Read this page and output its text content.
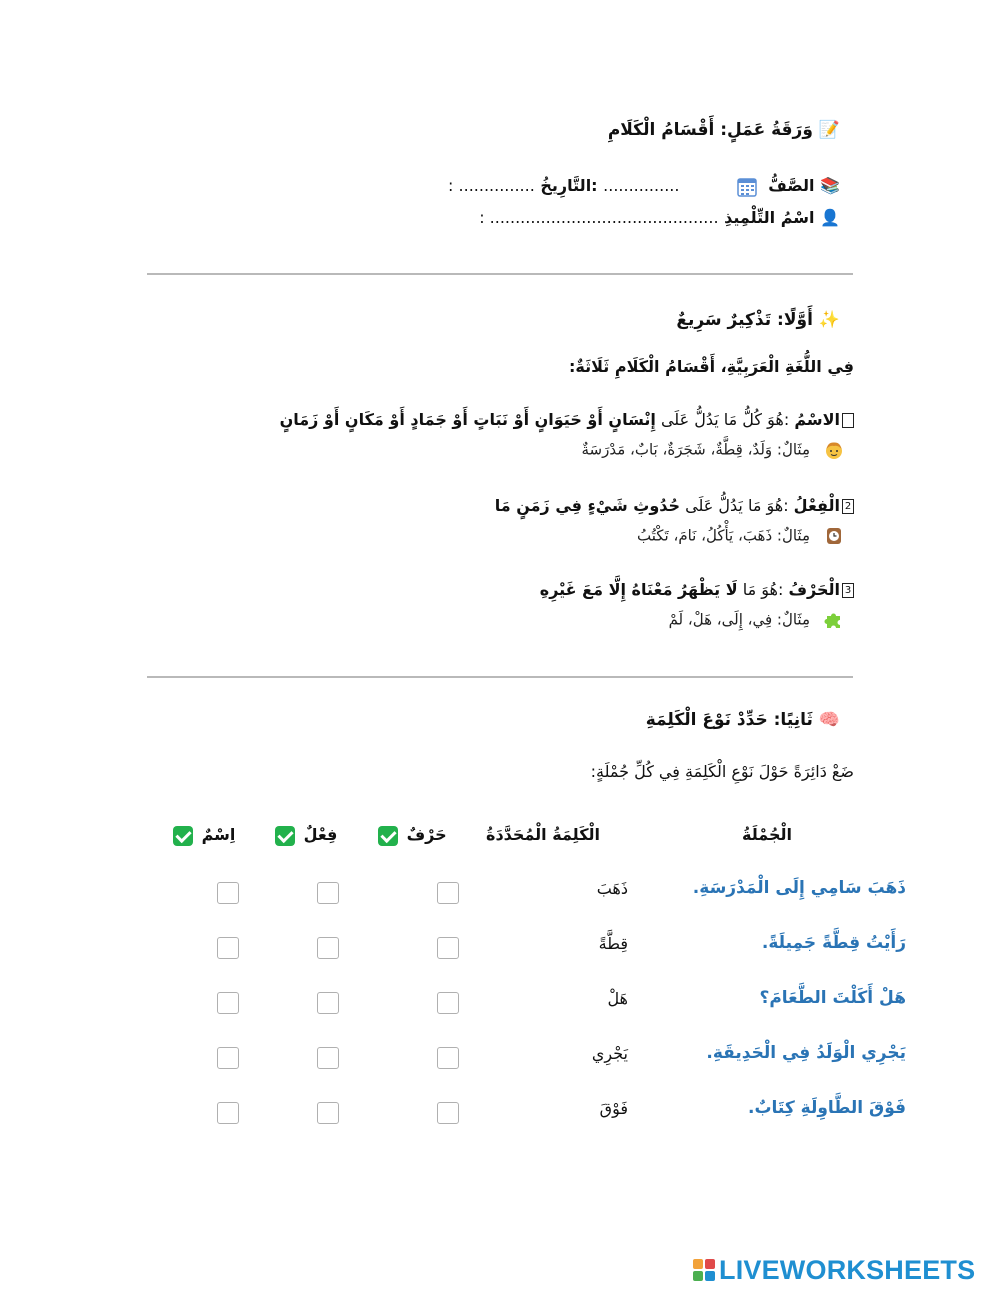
📝 وَرَقَةُ عَمَلٍ: أَقْسَامُ الْكَلَامِ
📚 الصَّفُّ   ............... :التَّارِيخُ ............... :
👤 اسْمُ التِّلْمِيذِ ............................................. :
✨ أَوَّلًا: تَذْكِيرٌ سَرِيعٌ
فِي اللُّغَةِ الْعَرَبِيَّةِ، أَقْسَامُ الْكَلَامِ ثَلَاثَةٌ:
الاسْمُ :هُوَ كُلُّ مَا يَدُلُّ عَلَى إِنْسَانٍ أَوْ حَيَوَانٍ أَوْ نَبَاتٍ أَوْ جَمَادٍ أَوْ مَكَانٍ أَوْ زَمَانٍ
مِثَالٌ: وَلَدٌ، قِطَّةٌ، شَجَرَةٌ، بَابٌ، مَدْرَسَةٌ
2الْفِعْلُ :هُوَ مَا يَدُلُّ عَلَى حُدُوثِ شَيْءٍ فِي زَمَنٍ مَا
مِثَالٌ: ذَهَبَ، يَأْكُلُ، نَامَ، تَكْتُبُ
3الْحَرْفُ :هُوَ مَا لَا يَظْهَرُ مَعْنَاهُ إِلَّا مَعَ غَيْرِهِ
مِثَالٌ: فِي، إِلَى، هَلْ، لَمْ
🧠 ثَانِيًا: حَدِّدْ نَوْعَ الْكَلِمَةِ
ضَعْ دَائِرَةً حَوْلَ نَوْعِ الْكَلِمَةِ فِي كُلِّ جُمْلَةٍ:
الْجُمْلَةُ
الْكَلِمَةُ الْمُحَدَّدَةُ
حَرْفٌ
فِعْلٌ
اِسْمٌ
ذَهَبَ سَامِي إِلَى الْمَدْرَسَةِ.
ذَهَبَ
رَأَيْتُ قِطَّةً جَمِيلَةً.
قِطَّةً
هَلْ أَكَلْتَ الطَّعَامَ؟
هَلْ
يَجْرِي الْوَلَدُ فِي الْحَدِيقَةِ.
يَجْرِي
فَوْقَ الطَّاوِلَةِ كِتَابٌ.
فَوْقَ
LIVEWORKSHEETS
